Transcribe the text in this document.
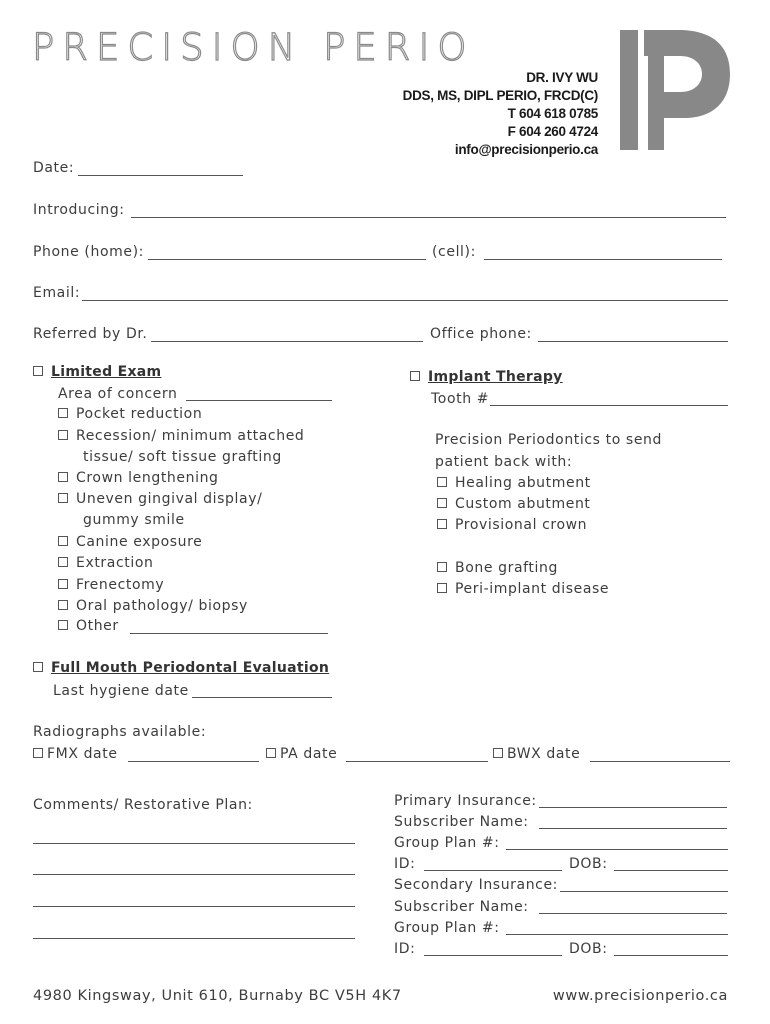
PRECISION PERIO
DR. IVY WU
DDS, MS, DIPL PERIO, FRCD(C)
T 604 618 0785
F 604 260 4724
info@precisionperio.ca
Date:
Introducing:
Phone (home):	(cell):
Email:
Referred by Dr.	Office phone:
Limited Exam
Area of concern
Pocket reduction
Recession/ minimum attached
tissue/ soft tissue grafting
Crown lengthening
Uneven gingival display/
gummy smile
Canine exposure
Extraction
Frenectomy
Oral pathology/ biopsy
Other
Implant Therapy
Tooth #
Precision Periodontics to send
patient back with:
Healing abutment
Custom abutment
Provisional crown
Bone grafting
Peri-implant disease
Full Mouth Periodontal Evaluation
Last hygiene date
Radiographs available:
FMX date	PA date	BWX date
Comments/ Restorative Plan:	Primary Insurance:
Subscriber Name:
Group Plan #:
ID:	DOB:
Secondary Insurance:
Subscriber Name:
Group Plan #:
ID:	DOB:
4980 Kingsway, Unit 610, Burnaby BC V5H 4K7	www.precisionperio.ca
